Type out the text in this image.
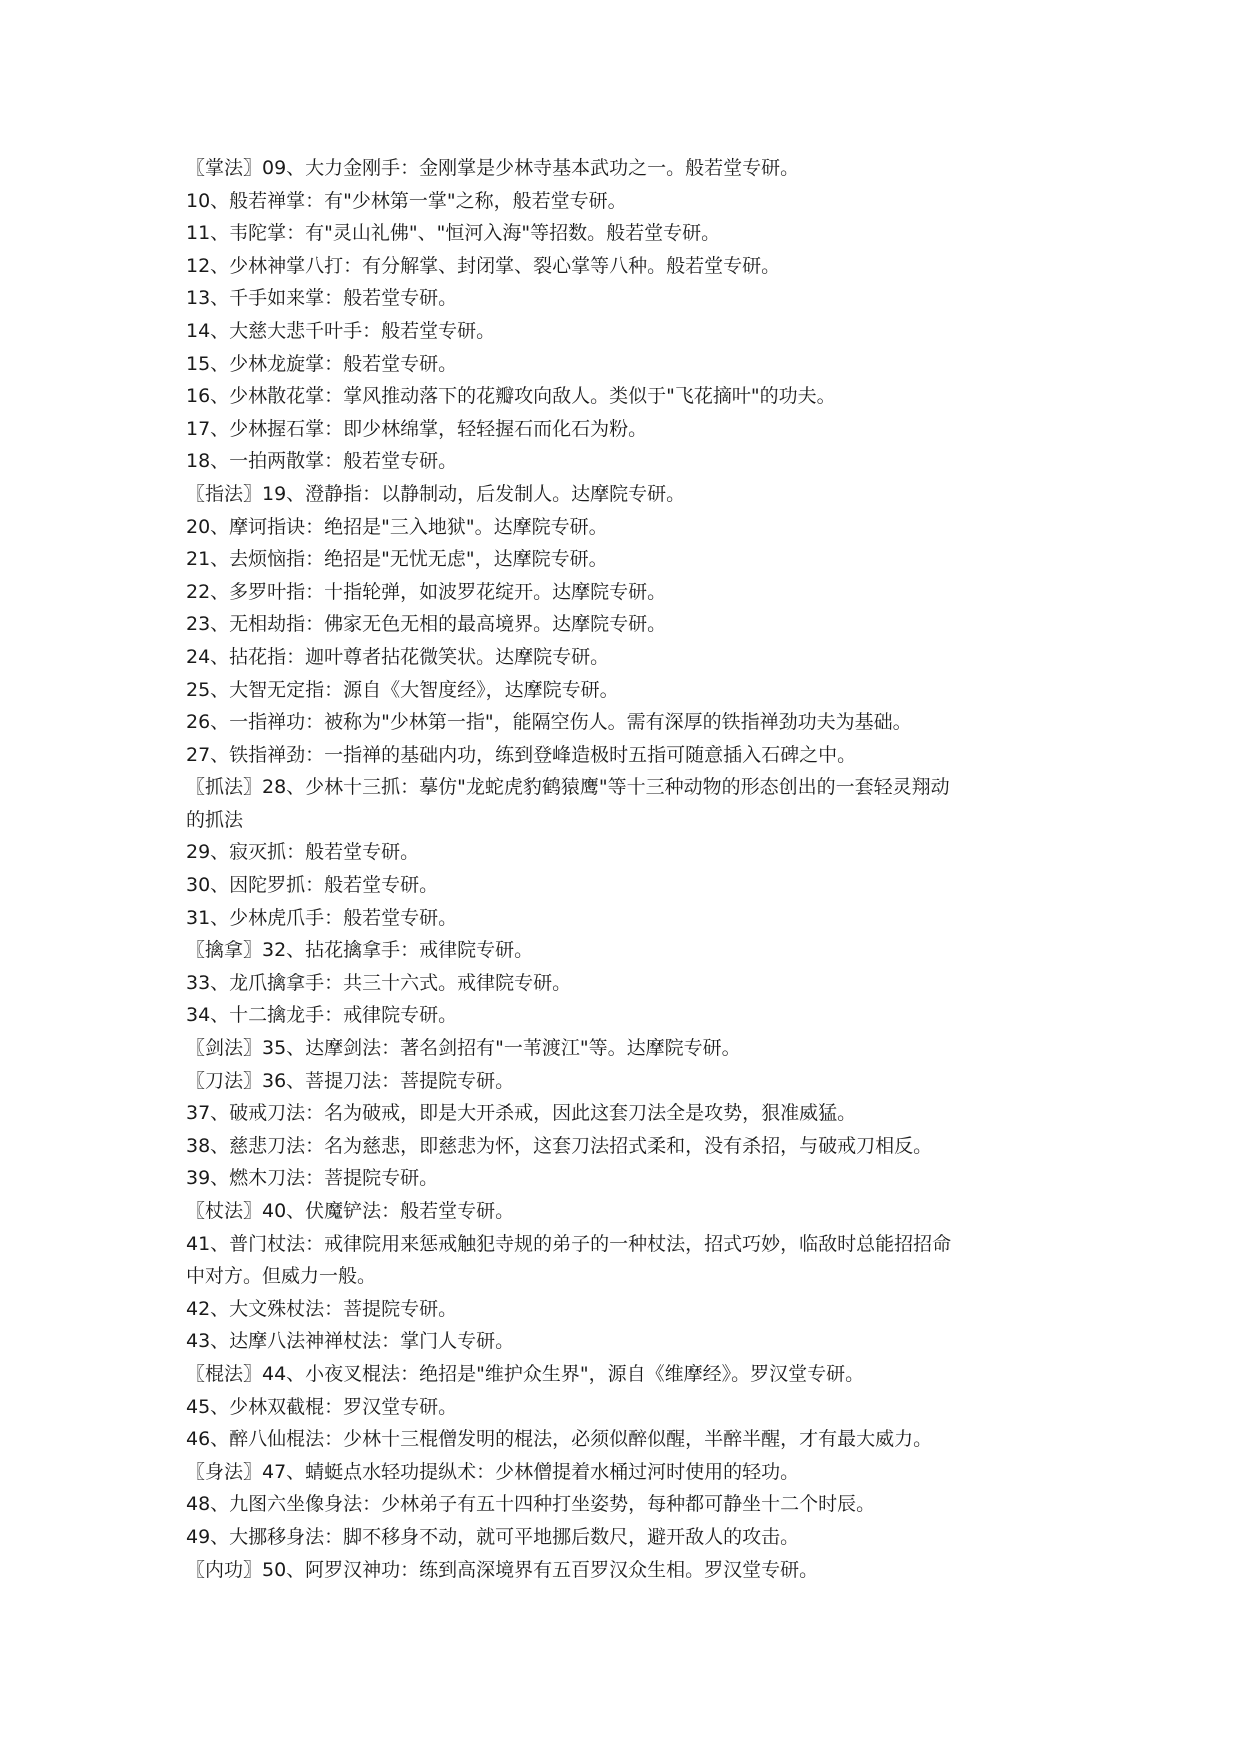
〖掌法〗09、大力金刚手：金刚掌是少林寺基本武功之一。般若堂专研。
10、般若禅掌：有"少林第一掌"之称，般若堂专研。
11、韦陀掌：有"灵山礼佛"、"恒河入海"等招数。般若堂专研。
12、少林神掌八打：有分解掌、封闭掌、裂心掌等八种。般若堂专研。
13、千手如来掌：般若堂专研。
14、大慈大悲千叶手：般若堂专研。
15、少林龙旋掌：般若堂专研。
16、少林散花掌：掌风推动落下的花瓣攻向敌人。类似于"飞花摘叶"的功夫。
17、少林握石掌：即少林绵掌，轻轻握石而化石为粉。
18、一拍两散掌：般若堂专研。
〖指法〗19、澄静指：以静制动，后发制人。达摩院专研。
20、摩诃指诀：绝招是"三入地狱"。达摩院专研。
21、去烦恼指：绝招是"无忧无虑"，达摩院专研。
22、多罗叶指：十指轮弹，如波罗花绽开。达摩院专研。
23、无相劫指：佛家无色无相的最高境界。达摩院专研。
24、拈花指：迦叶尊者拈花微笑状。达摩院专研。
25、大智无定指：源自《大智度经》，达摩院专研。
26、一指禅功：被称为"少林第一指"，能隔空伤人。需有深厚的铁指禅劲功夫为基础。
27、铁指禅劲：一指禅的基础内功，练到登峰造极时五指可随意插入石碑之中。
〖抓法〗28、少林十三抓：摹仿"龙蛇虎豹鹤猿鹰"等十三种动物的形态创出的一套轻灵翔动
的抓法
29、寂灭抓：般若堂专研。
30、因陀罗抓：般若堂专研。
31、少林虎爪手：般若堂专研。
〖擒拿〗32、拈花擒拿手：戒律院专研。
33、龙爪擒拿手：共三十六式。戒律院专研。
34、十二擒龙手：戒律院专研。
〖剑法〗35、达摩剑法：著名剑招有"一苇渡江"等。达摩院专研。
〖刀法〗36、菩提刀法：菩提院专研。
37、破戒刀法：名为破戒，即是大开杀戒，因此这套刀法全是攻势，狠准威猛。
38、慈悲刀法：名为慈悲，即慈悲为怀，这套刀法招式柔和，没有杀招，与破戒刀相反。
39、燃木刀法：菩提院专研。
〖杖法〗40、伏魔铲法：般若堂专研。
41、普门杖法：戒律院用来惩戒触犯寺规的弟子的一种杖法，招式巧妙，临敌时总能招招命
中对方。但威力一般。
42、大文殊杖法：菩提院专研。
43、达摩八法神禅杖法：掌门人专研。
〖棍法〗44、小夜叉棍法：绝招是"维护众生界"，源自《维摩经》。罗汉堂专研。
45、少林双截棍：罗汉堂专研。
46、醉八仙棍法：少林十三棍僧发明的棍法，必须似醉似醒，半醉半醒，才有最大威力。
〖身法〗47、蜻蜓点水轻功提纵术：少林僧提着水桶过河时使用的轻功。
48、九图六坐像身法：少林弟子有五十四种打坐姿势，每种都可静坐十二个时辰。
49、大挪移身法：脚不移身不动，就可平地挪后数尺，避开敌人的攻击。
〖内功〗50、阿罗汉神功：练到高深境界有五百罗汉众生相。罗汉堂专研。
